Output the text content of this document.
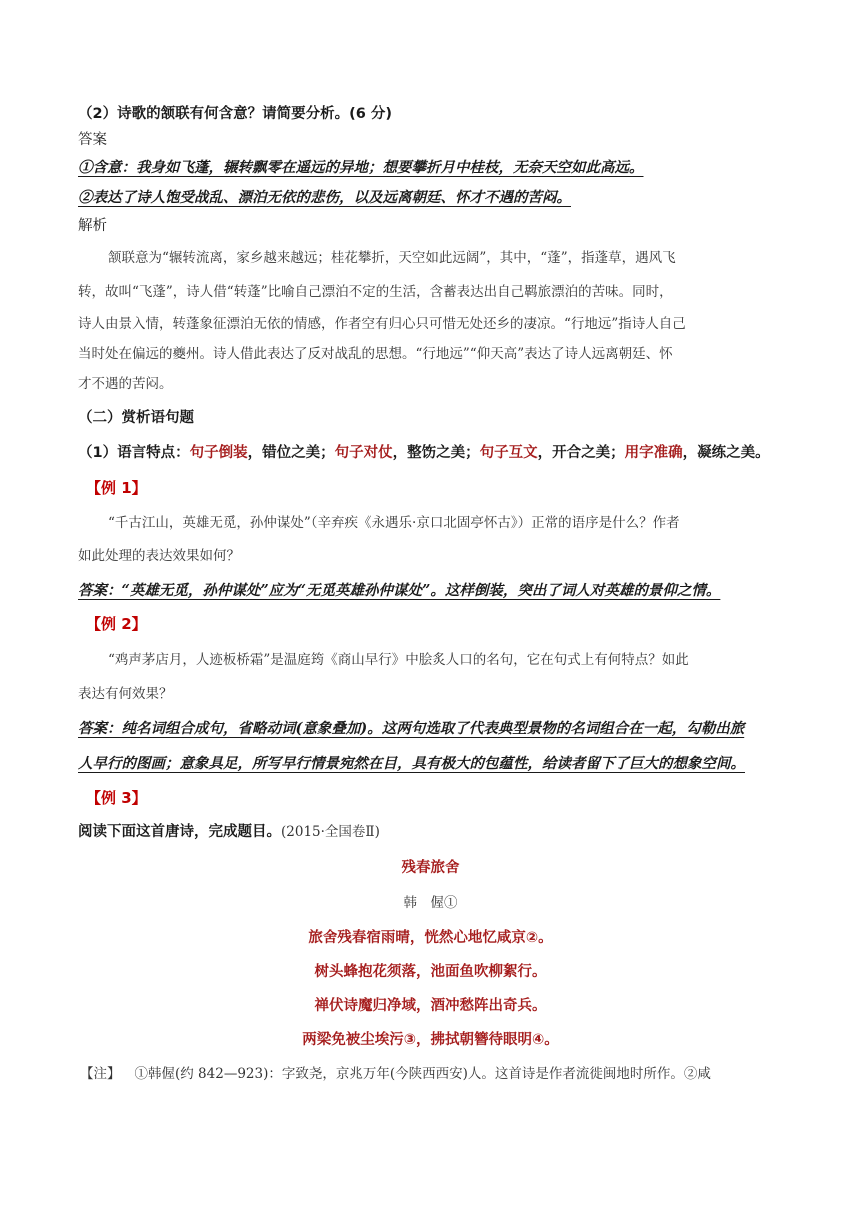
（2）诗歌的颔联有何含意？请简要分析。(6 分)
答案
①含意：我身如飞蓬，辗转飘零在遥远的异地；想要攀折月中桂枝，无奈天空如此高远。
②表达了诗人饱受战乱、漂泊无依的悲伤，以及远离朝廷、怀才不遇的苦闷。
解析
颔联意为“辗转流离，家乡越来越远；桂花攀折，天空如此远阔”，其中，“蓬”，指蓬草，遇风飞
转，故叫“飞蓬”，诗人借“转蓬”比喻自己漂泊不定的生活，含蓄表达出自己羁旅漂泊的苦味。同时，
诗人由景入情，转蓬象征漂泊无依的情感，作者空有归心只可惜无处还乡的凄凉。“行地远”指诗人自己
当时处在偏远的夔州。诗人借此表达了反对战乱的思想。“行地远”“仰天高”表达了诗人远离朝廷、怀
才不遇的苦闷。
（二）赏析语句题
（1）语言特点：句子倒装，错位之美；句子对仗，整饬之美；句子互文，开合之美；用字准确，凝练之美。
【例 1】
“千古江山，英雄无觅，孙仲谋处”（辛弃疾《永遇乐·京口北固亭怀古》）正常的语序是什么？作者
如此处理的表达效果如何？
答案：“英雄无觅，孙仲谋处”应为“无觅英雄孙仲谋处”。这样倒装，突出了词人对英雄的景仰之情。
【例 2】
“鸡声茅店月，人迹板桥霜”是温庭筠《商山早行》中脍炙人口的名句，它在句式上有何特点？如此
表达有何效果？
答案：纯名词组合成句，省略动词(意象叠加)。这两句选取了代表典型景物的名词组合在一起，勾勒出旅
人早行的图画；意象具足，所写早行情景宛然在目，具有极大的包蕴性，给读者留下了巨大的想象空间。
【例 3】
阅读下面这首唐诗，完成题目。(2015·全国卷Ⅱ)
残春旅舍
韩　偓①
旅舍残春宿雨晴，恍然心地忆咸京②。
树头蜂抱花须落，池面鱼吹柳絮行。
禅伏诗魔归净域，酒冲愁阵出奇兵。
两梁免被尘埃污③，拂拭朝簪待眼明④。
【注】 ①韩偓(约 842—923)：字致尧，京兆万年(今陕西西安)人。这首诗是作者流徙闽地时所作。②咸
